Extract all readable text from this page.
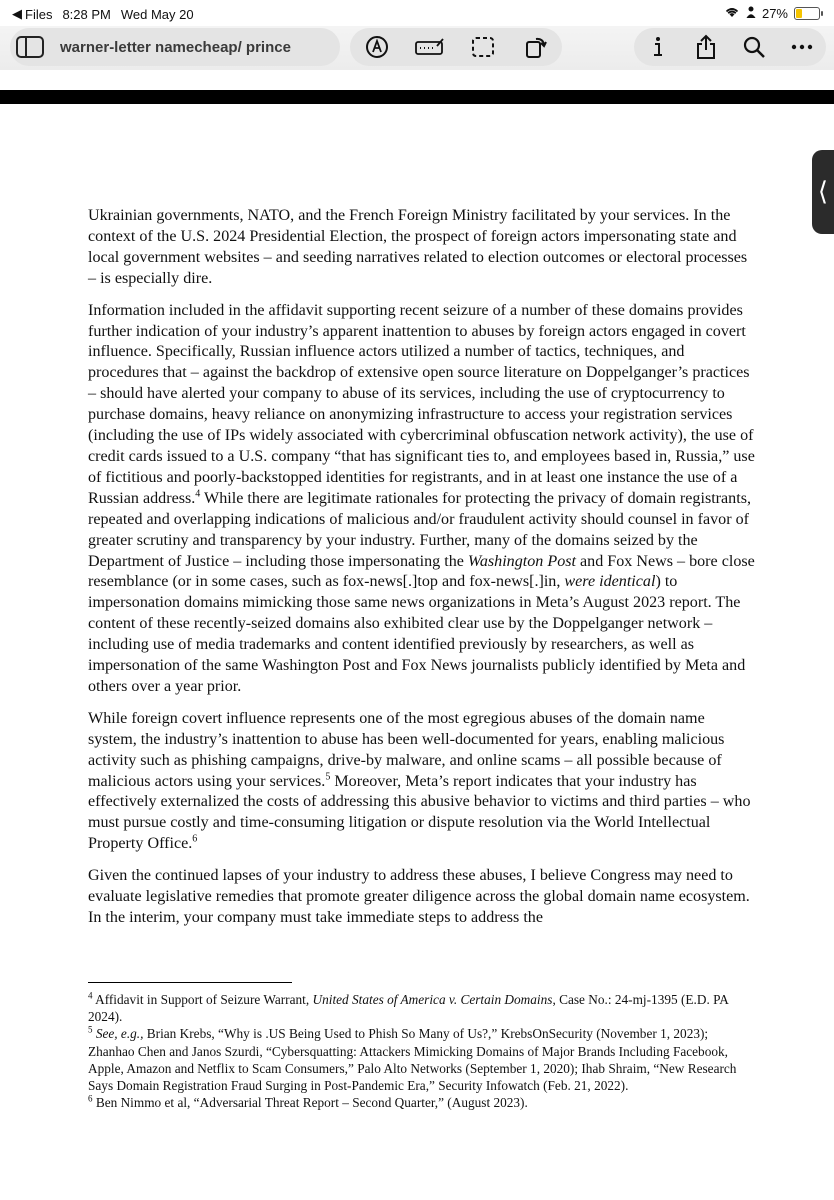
◀ Files 8:28 PM Wed May 20	27%
warner-letter namecheap/ prince
⟨

Ukrainian governments, NATO, and the French Foreign Ministry facilitated by your services. In the context of the U.S. 2024 Presidential Election, the prospect of foreign actors impersonating state and local government websites – and seeding narratives related to election outcomes or electoral processes – is especially dire.

Information included in the affidavit supporting recent seizure of a number of these domains provides further indication of your industry’s apparent inattention to abuses by foreign actors engaged in covert influence. Specifically, Russian influence actors utilized a number of tactics, techniques, and procedures that – against the backdrop of extensive open source literature on Doppelganger’s practices – should have alerted your company to abuse of its services, including the use of cryptocurrency to purchase domains, heavy reliance on anonymizing infrastructure to access your registration services (including the use of IPs widely associated with cybercriminal obfuscation network activity), the use of credit cards issued to a U.S. company “that has significant ties to, and employees based in, Russia,” use of fictitious and poorly-backstopped identities for registrants, and in at least one instance the use of a Russian address.$^4$ While there are legitimate rationales for protecting the privacy of domain registrants, repeated and overlapping indications of malicious and/or fraudulent activity should counsel in favor of greater scrutiny and transparency by your industry. Further, many of the domains seized by the Department of Justice – including those impersonating the Washington Post and Fox News – bore close resemblance (or in some cases, such as fox-news[.]top and fox-news[.]in, were identical) to impersonation domains mimicking those same news organizations in Meta’s August 2023 report. The content of these recently-seized domains also exhibited clear use by the Doppelganger network – including use of media trademarks and content identified previously by researchers, as well as impersonation of the same Washington Post and Fox News journalists publicly identified by Meta and others over a year prior.

While foreign covert influence represents one of the most egregious abuses of the domain name system, the industry’s inattention to abuse has been well-documented for years, enabling malicious activity such as phishing campaigns, drive-by malware, and online scams – all possible because of malicious actors using your services.$^5$ Moreover, Meta’s report indicates that your industry has effectively externalized the costs of addressing this abusive behavior to victims and third parties – who must pursue costly and time-consuming litigation or dispute resolution via the World Intellectual Property Office.$^6$

Given the continued lapses of your industry to address these abuses, I believe Congress may need to evaluate legislative remedies that promote greater diligence across the global domain name ecosystem. In the interim, your company must take immediate steps to address the

$^4$ Affidavit in Support of Seizure Warrant, United States of America v. Certain Domains, Case No.: 24-mj-1395 (E.D. PA 2024).
$^5$ See, e.g., Brian Krebs, “Why is .US Being Used to Phish So Many of Us?,” KrebsOnSecurity (November 1, 2023); Zhanhao Chen and Janos Szurdi, “Cybersquatting: Attackers Mimicking Domains of Major Brands Including Facebook, Apple, Amazon and Netflix to Scam Consumers,” Palo Alto Networks (September 1, 2020); Ihab Shraim, “New Research Says Domain Registration Fraud Surging in Post-Pandemic Era,” Security Infowatch (Feb. 21, 2022).
$^6$ Ben Nimmo et al, “Adversarial Threat Report – Second Quarter,” (August 2023).
